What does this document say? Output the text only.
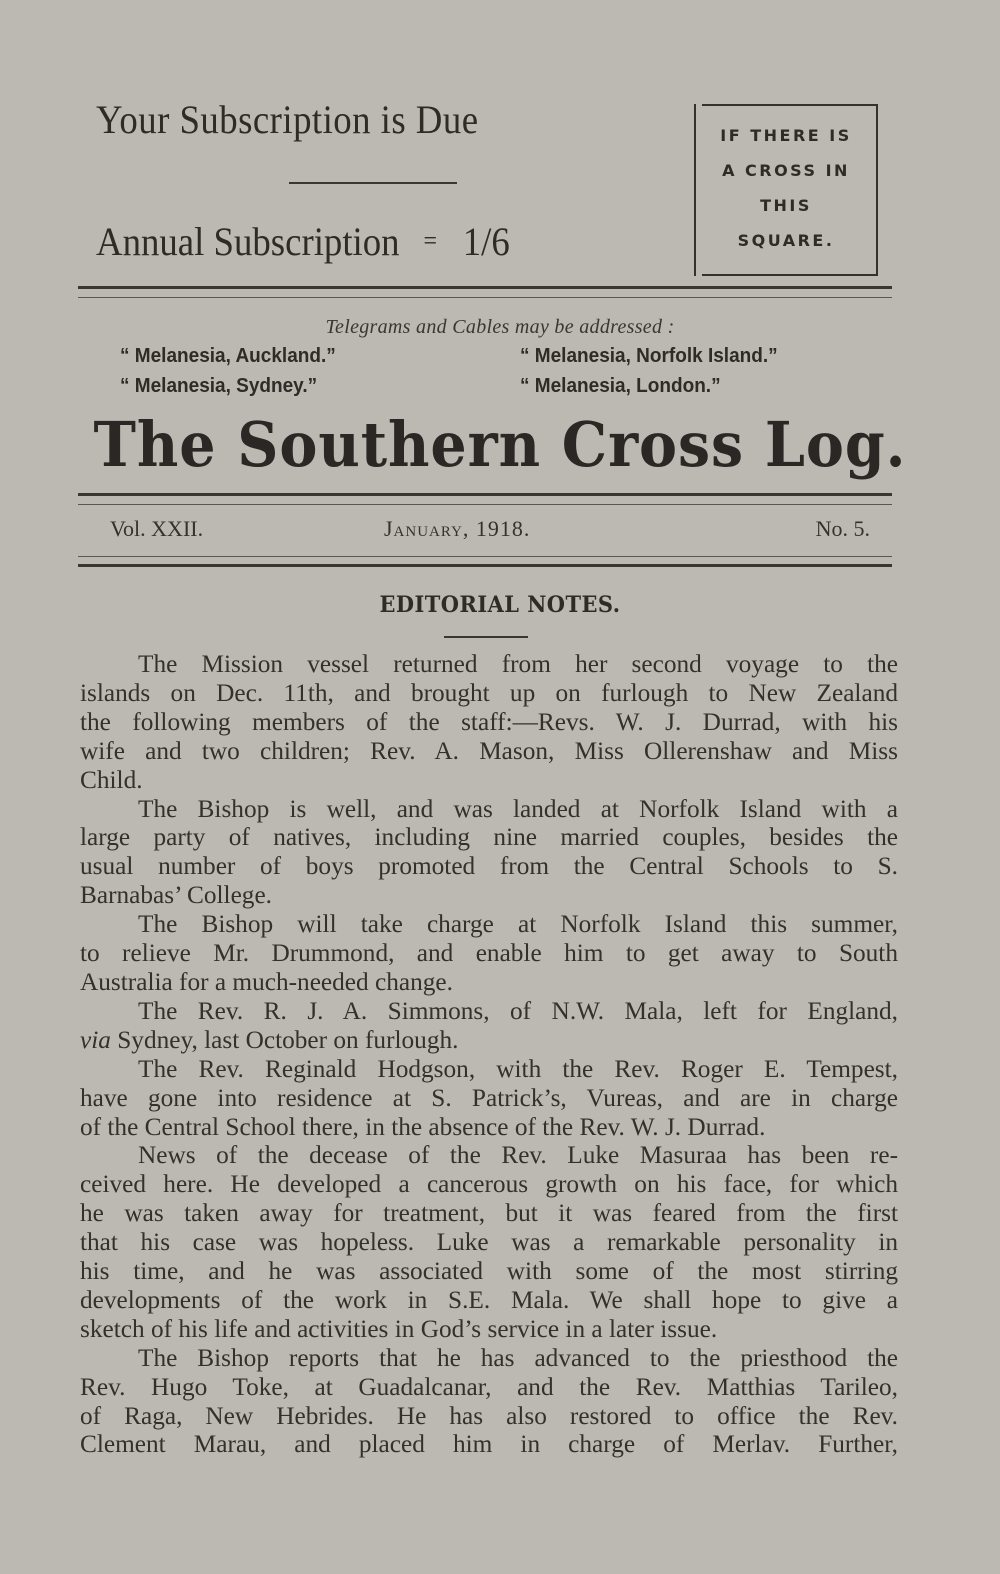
Your Subscription is Due
Annual Subscription = 1/6
IF THERE IS
A CROSS IN
THIS
SQUARE.
Telegrams and Cables may be addressed :
“ Melanesia, Auckland.”	“ Melanesia, Norfolk Island.”
“ Melanesia, Sydney.”	“ Melanesia, London.”
The Southern Cross Log.
Vol. XXII.	January, 1918.	No. 5.
EDITORIAL NOTES.
The Mission vessel returned from her second voyage to the
islands on Dec. 11th, and brought up on furlough to New Zealand
the following members of the staff:—Revs. W. J. Durrad, with his
wife and two children; Rev. A. Mason, Miss Ollerenshaw and Miss
Child.
The Bishop is well, and was landed at Norfolk Island with a
large party of natives, including nine married couples, besides the
usual number of boys promoted from the Central Schools to S.
Barnabas’ College.
The Bishop will take charge at Norfolk Island this summer,
to relieve Mr. Drummond, and enable him to get away to South
Australia for a much-needed change.
The Rev. R. J. A. Simmons, of N.W. Mala, left for England,
via Sydney, last October on furlough.
The Rev. Reginald Hodgson, with the Rev. Roger E. Tempest,
have gone into residence at S. Patrick’s, Vureas, and are in charge
of the Central School there, in the absence of the Rev. W. J. Durrad.
News of the decease of the Rev. Luke Masuraa has been re-
ceived here. He developed a cancerous growth on his face, for which
he was taken away for treatment, but it was feared from the first
that his case was hopeless. Luke was a remarkable personality in
his time, and he was associated with some of the most stirring
developments of the work in S.E. Mala. We shall hope to give a
sketch of his life and activities in God’s service in a later issue.
The Bishop reports that he has advanced to the priesthood the
Rev. Hugo Toke, at Guadalcanar, and the Rev. Matthias Tarileo,
of Raga, New Hebrides. He has also restored to office the Rev.
Clement Marau, and placed him in charge of Merlav. Further,
